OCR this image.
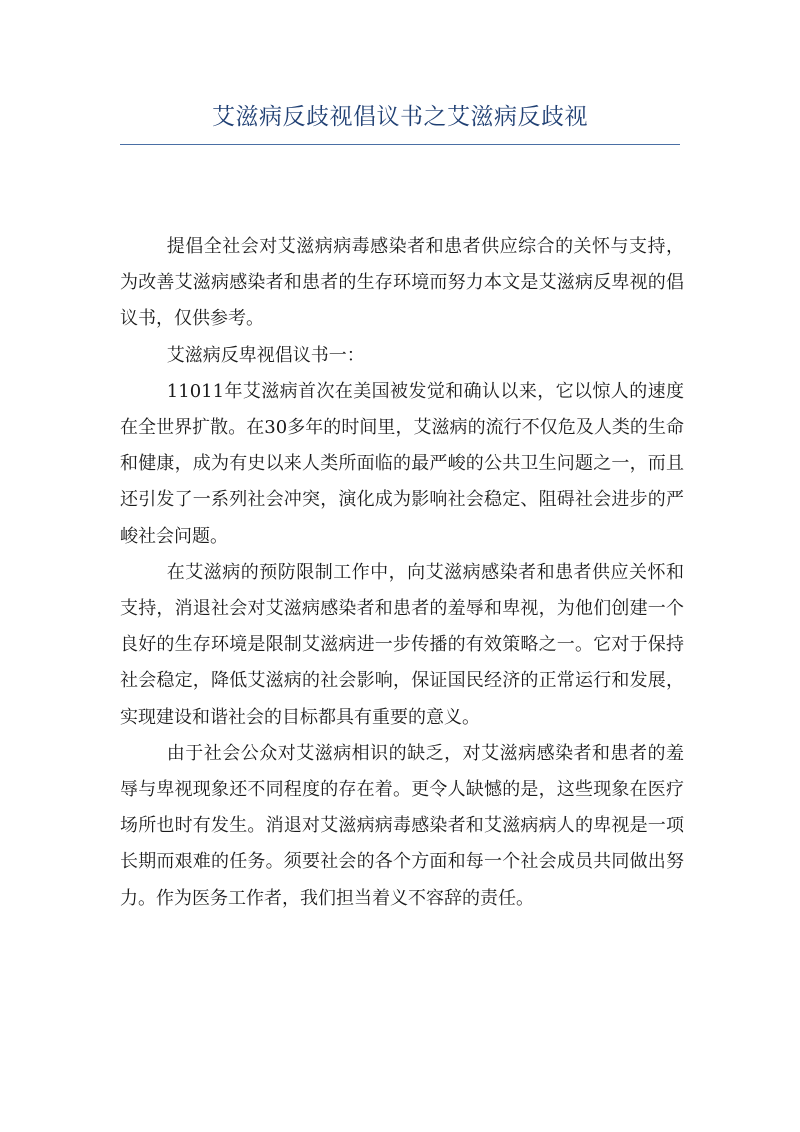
艾滋病反歧视倡议书之艾滋病反歧视

提倡全社会对艾滋病病毒感染者和患者供应综合的关怀与支持，为改善艾滋病感染者和患者的生存环境而努力本文是艾滋病反卑视的倡议书，仅供参考。

艾滋病反卑视倡议书一：

11011年艾滋病首次在美国被发觉和确认以来，它以惊人的速度在全世界扩散。在30多年的时间里，艾滋病的流行不仅危及人类的生命和健康，成为有史以来人类所面临的最严峻的公共卫生问题之一，而且还引发了一系列社会冲突，演化成为影响社会稳定、阻碍社会进步的严峻社会问题。

在艾滋病的预防限制工作中，向艾滋病感染者和患者供应关怀和支持，消退社会对艾滋病感染者和患者的羞辱和卑视，为他们创建一个良好的生存环境是限制艾滋病进一步传播的有效策略之一。它对于保持社会稳定，降低艾滋病的社会影响，保证国民经济的正常运行和发展，实现建设和谐社会的目标都具有重要的意义。

由于社会公众对艾滋病相识的缺乏，对艾滋病感染者和患者的羞辱与卑视现象还不同程度的存在着。更令人缺憾的是，这些现象在医疗场所也时有发生。消退对艾滋病病毒感染者和艾滋病病人的卑视是一项长期而艰难的任务。须要社会的各个方面和每一个社会成员共同做出努力。作为医务工作者，我们担当着义不容辞的责任。
